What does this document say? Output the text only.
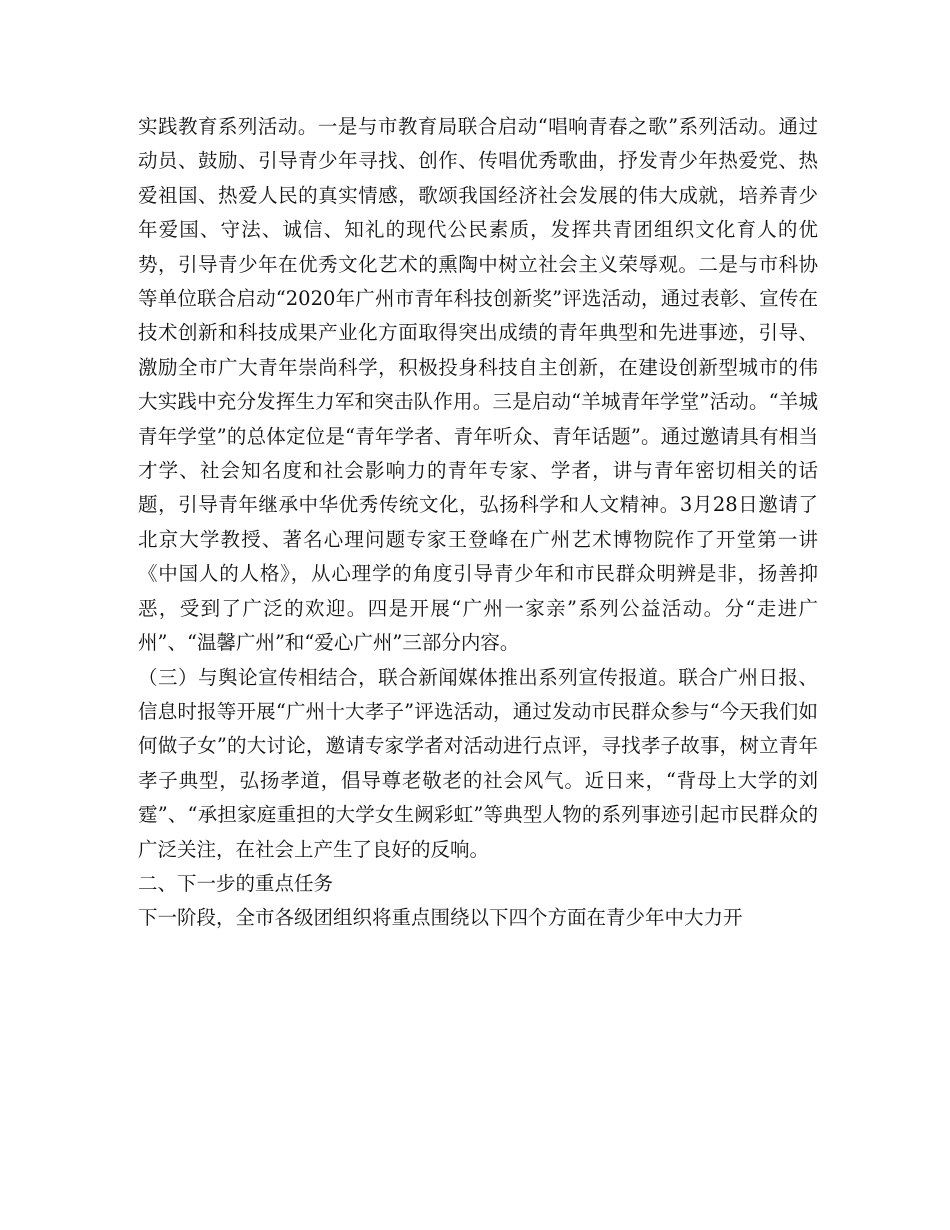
实践教育系列活动。一是与市教育局联合启动“唱响青春之歌”系列活动。通过动员、鼓励、引导青少年寻找、创作、传唱优秀歌曲，抒发青少年热爱党、热爱祖国、热爱人民的真实情感，歌颂我国经济社会发展的伟大成就，培养青少年爱国、守法、诚信、知礼的现代公民素质，发挥共青团组织文化育人的优势，引导青少年在优秀文化艺术的熏陶中树立社会主义荣辱观。二是与市科协等单位联合启动“2020年广州市青年科技创新奖”评选活动，通过表彰、宣传在技术创新和科技成果产业化方面取得突出成绩的青年典型和先进事迹，引导、激励全市广大青年崇尚科学，积极投身科技自主创新，在建设创新型城市的伟大实践中充分发挥生力军和突击队作用。三是启动“羊城青年学堂”活动。“羊城青年学堂”的总体定位是“青年学者、青年听众、青年话题”。通过邀请具有相当才学、社会知名度和社会影响力的青年专家、学者，讲与青年密切相关的话题，引导青年继承中华优秀传统文化，弘扬科学和人文精神。3月28日邀请了北京大学教授、著名心理问题专家王登峰在广州艺术博物院作了开堂第一讲《中国人的人格》，从心理学的角度引导青少年和市民群众明辨是非，扬善抑恶，受到了广泛的欢迎。四是开展“广州一家亲”系列公益活动。分“走进广州”、“温馨广州”和“爱心广州”三部分内容。

（三）与舆论宣传相结合，联合新闻媒体推出系列宣传报道。联合广州日报、信息时报等开展“广州十大孝子”评选活动，通过发动市民群众参与“今天我们如何做子女”的大讨论，邀请专家学者对活动进行点评，寻找孝子故事，树立青年孝子典型，弘扬孝道，倡导尊老敬老的社会风气。近日来，“背母上大学的刘霆”、“承担家庭重担的大学女生阙彩虹”等典型人物的系列事迹引起市民群众的广泛关注，在社会上产生了良好的反响。

二、下一步的重点任务

下一阶段，全市各级团组织将重点围绕以下四个方面在青少年中大力开
